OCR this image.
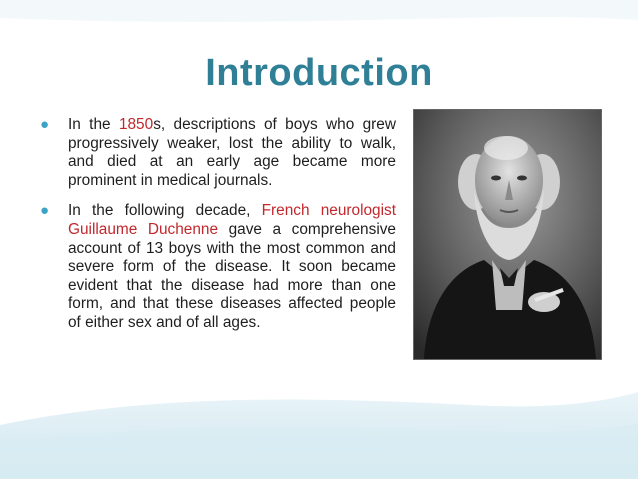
Introduction
● In the 1850s, descriptions of boys who grew progressively weaker, lost the ability to walk, and died at an early age became more prominent in medical journals.
● In the following decade, French neurologist Guillaume Duchenne gave a comprehensive account of 13 boys with the most common and severe form of the disease. It soon became evident that the disease had more than one form, and that these diseases affected people of either sex and of all ages.
